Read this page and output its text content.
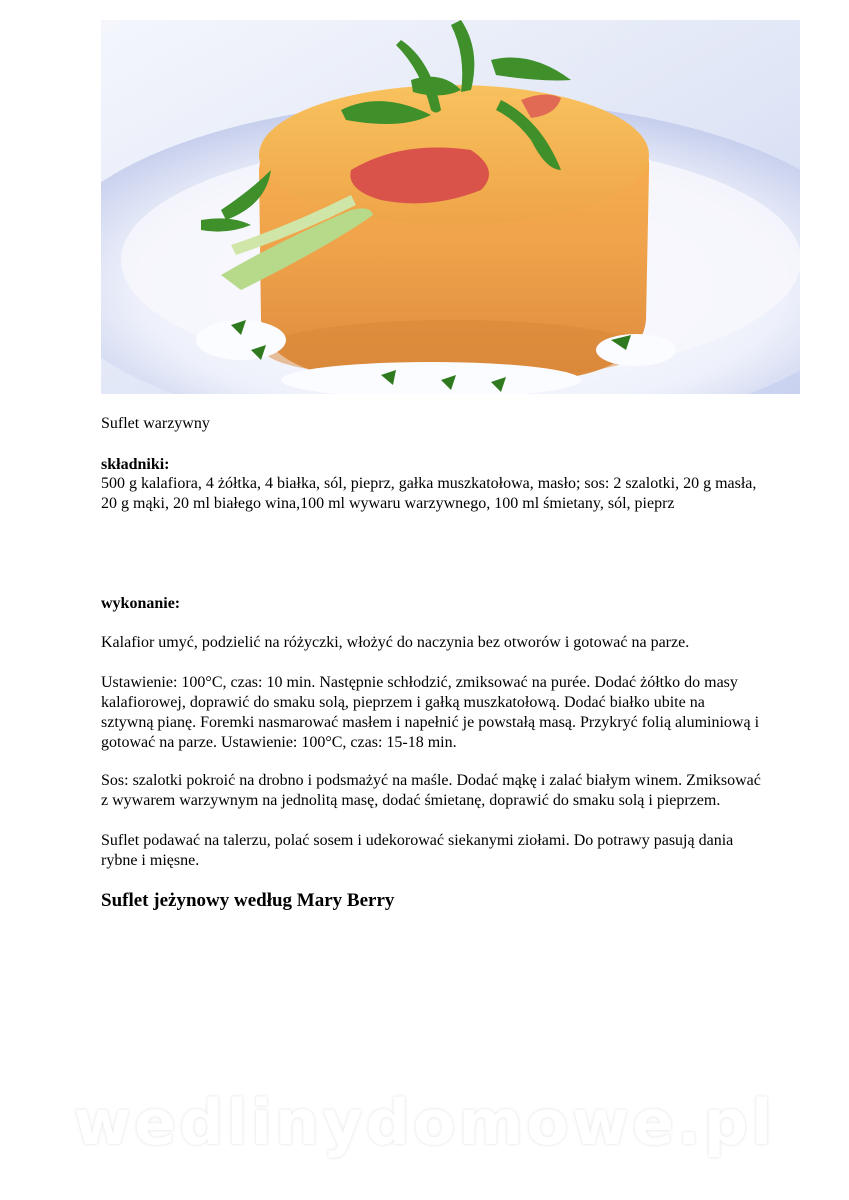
Suflet warzywny
składniki:
500 g kalafiora, 4 żółtka, 4 białka, sól, pieprz, gałka muszkatołowa, masło; sos: 2 szalotki, 20 g masła, 20 g mąki, 20 ml białego wina,100 ml wywaru warzywnego, 100 ml śmietany, sól, pieprz
wykonanie:
Kalafior umyć, podzielić na różyczki, włożyć do naczynia bez otworów i gotować na parze.
Ustawienie: 100°C, czas: 10 min. Następnie schłodzić, zmiksować na purée. Dodać żółtko do masy kalafiorowej, doprawić do smaku solą, pieprzem i gałką muszkatołową. Dodać białko ubite na sztywną pianę. Foremki nasmarować masłem i napełnić je powstałą masą. Przykryć folią aluminiową i gotować na parze. Ustawienie: 100°C, czas: 15-18 min.
Sos: szalotki pokroić na drobno i podsmażyć na maśle. Dodać mąkę i zalać białym winem. Zmiksować z wywarem warzywnym na jednolitą masę, dodać śmietanę, doprawić do smaku solą i pieprzem.
Suflet podawać na talerzu, polać sosem i udekorować siekanymi ziołami. Do potrawy pasują dania rybne i mięsne.
Suflet jeżynowy według Mary Berry
wedlinydomowe.pl
